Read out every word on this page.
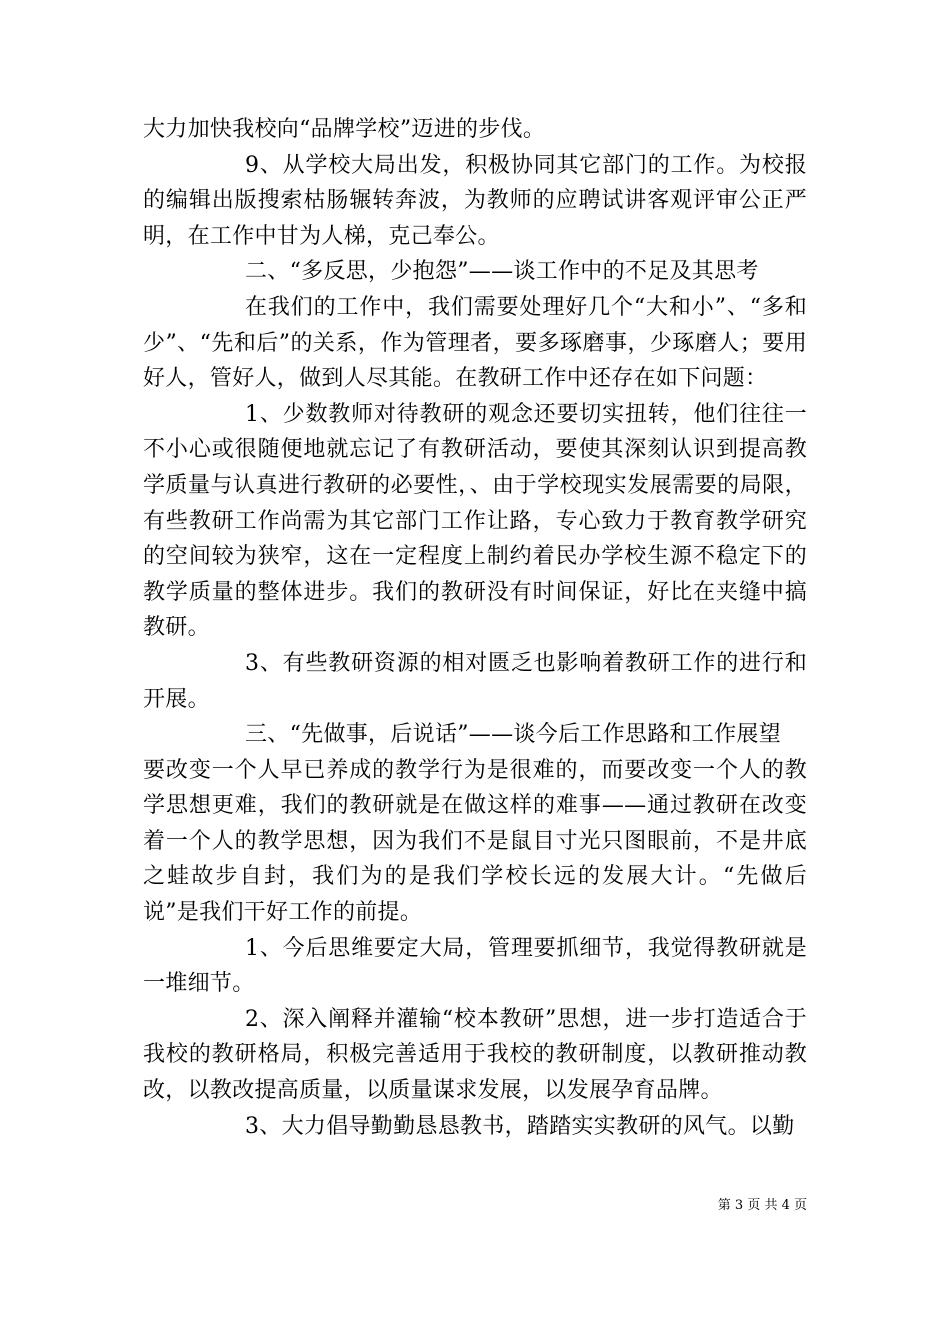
大力加快我校向“品牌学校”迈进的步伐。

9、从学校大局出发，积极协同其它部门的工作。为校报的编辑出版搜索枯肠辗转奔波，为教师的应聘试讲客观评审公正严明，在工作中甘为人梯，克己奉公。

二、“多反思，少抱怨”——谈工作中的不足及其思考

在我们的工作中，我们需要处理好几个“大和小”、“多和少”、“先和后”的关系，作为管理者，要多琢磨事，少琢磨人；要用好人，管好人，做到人尽其能。在教研工作中还存在如下问题：

1、少数教师对待教研的观念还要切实扭转，他们往往一不小心或很随便地就忘记了有教研活动，要使其深刻认识到提高教学质量与认真进行教研的必要性，、由于学校现实发展需要的局限，有些教研工作尚需为其它部门工作让路，专心致力于教育教学研究的空间较为狭窄，这在一定程度上制约着民办学校生源不稳定下的教学质量的整体进步。我们的教研没有时间保证，好比在夹缝中搞教研。

3、有些教研资源的相对匮乏也影响着教研工作的进行和开展。

三、“先做事，后说话”——谈今后工作思路和工作展望

要改变一个人早已养成的教学行为是很难的，而要改变一个人的教学思想更难，我们的教研就是在做这样的难事——通过教研在改变着一个人的教学思想，因为我们不是鼠目寸光只图眼前，不是井底之蛙故步自封，我们为的是我们学校长远的发展大计。“先做后说”是我们干好工作的前提。

1、今后思维要定大局，管理要抓细节，我觉得教研就是一堆细节。

2、深入阐释并灌输“校本教研”思想，进一步打造适合于我校的教研格局，积极完善适用于我校的教研制度，以教研推动教改，以教改提高质量，以质量谋求发展，以发展孕育品牌。

3、大力倡导勤勤恳恳教书，踏踏实实教研的风气。以勤

第 3 页 共 4 页
